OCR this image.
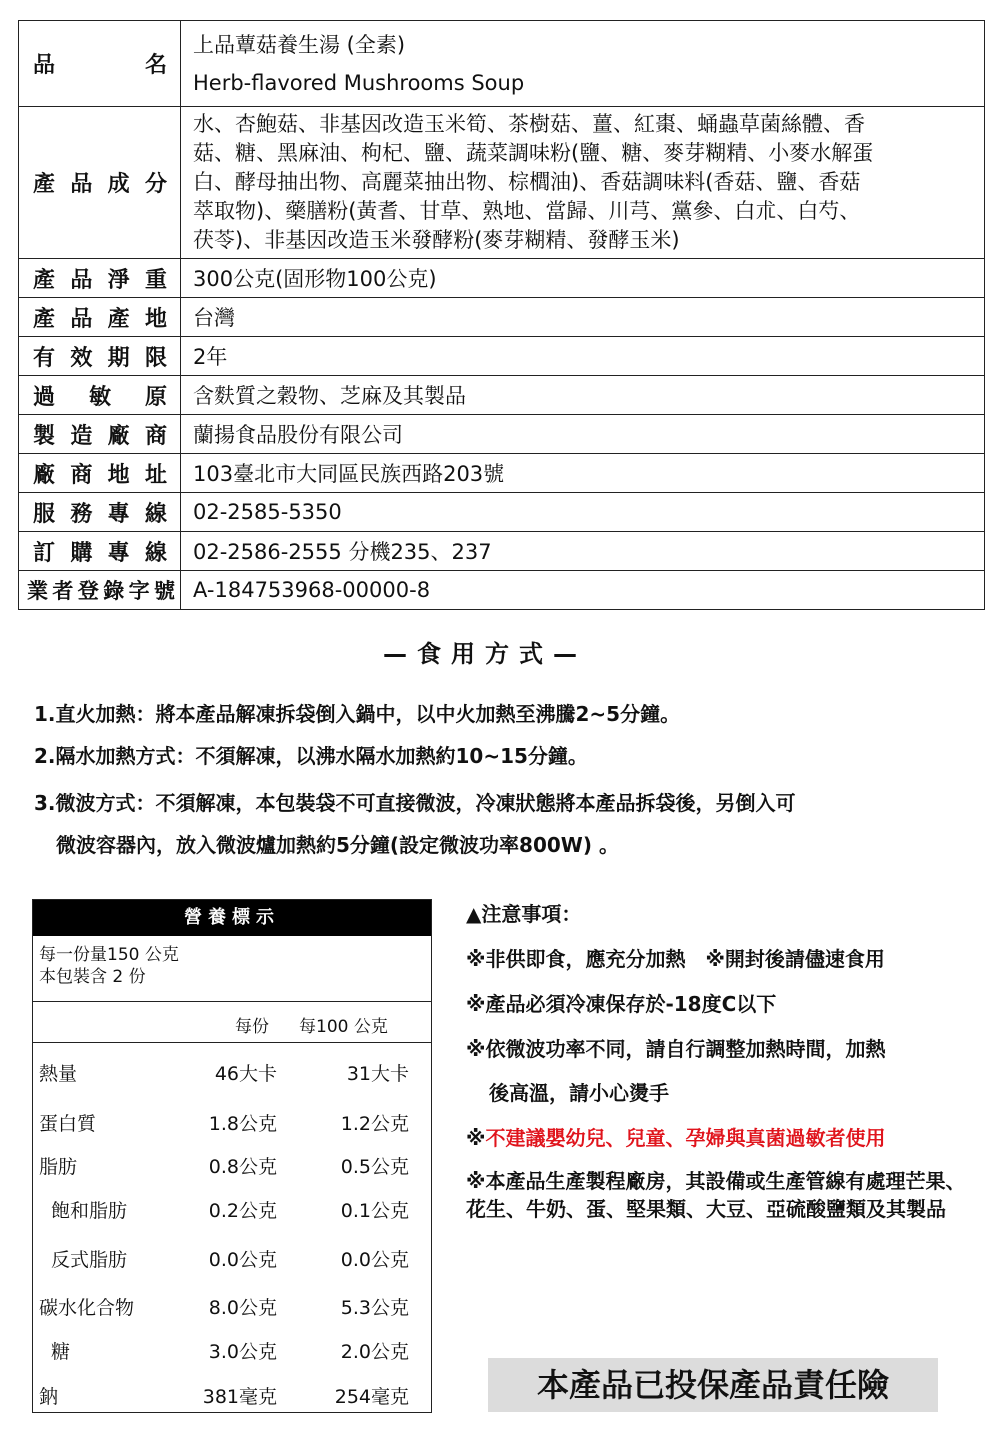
品名	上品蕈菇養生湯 (全素)
Herb-flavored Mushrooms Soup

產品成分	水、杏鮑菇、非基因改造玉米筍、茶樹菇、薑、紅棗、蛹蟲草菌絲體、香
菇、糖、黑麻油、枸杞、鹽、蔬菜調味粉(鹽、糖、麥芽糊精、小麥水解蛋
白、酵母抽出物、高麗菜抽出物、棕櫚油)、香菇調味料(香菇、鹽、香菇
萃取物)、藥膳粉(黃耆、甘草、熟地、當歸、川芎、黨參、白朮、白芍、
茯苓)、非基因改造玉米發酵粉(麥芽糊精、發酵玉米)

產品淨重	300公克(固形物100公克)

產品產地	台灣

有效期限	2年

過敏原	含麩質之穀物、芝麻及其製品

製造廠商	蘭揚食品股份有限公司

廠商地址	103臺北市大同區民族西路203號

服務專線	02-2585-5350

訂購專線	02-2586-2555 分機235、237

業者登錄字號	A-184753968-00000-8
—食用方式—
1.直火加熱：將本產品解凍拆袋倒入鍋中，以中火加熱至沸騰2~5分鐘。
2.隔水加熱方式：不須解凍，以沸水隔水加熱約10~15分鐘。
3.微波方式：不須解凍，本包裝袋不可直接微波，冷凍狀態將本產品拆袋後，另倒入可
微波容器內，放入微波爐加熱約5分鐘(設定微波功率800W) 。
營養標示
每一份量150 公克
本包裝含 2 份
每份 每100 公克
熱量	46大卡	31大卡
蛋白質	1.8公克	1.2公克
脂肪	0.8公克	0.5公克
飽和脂肪	0.2公克	0.1公克
反式脂肪	0.0公克	0.0公克
碳水化合物	8.0公克	5.3公克
糖	3.0公克	2.0公克
鈉	381毫克	254毫克
▲注意事項：
※非供即食，應充分加熱　※開封後請儘速食用
※產品必須冷凍保存於-18度C以下
※依微波功率不同，請自行調整加熱時間，加熱
後高溫，請小心燙手
※不建議嬰幼兒、兒童、孕婦與真菌過敏者使用
※本產品生產製程廠房，其設備或生產管線有處理芒果、花生、牛奶、蛋、堅果類、大豆、亞硫酸鹽類及其製品
本產品已投保產品責任險
